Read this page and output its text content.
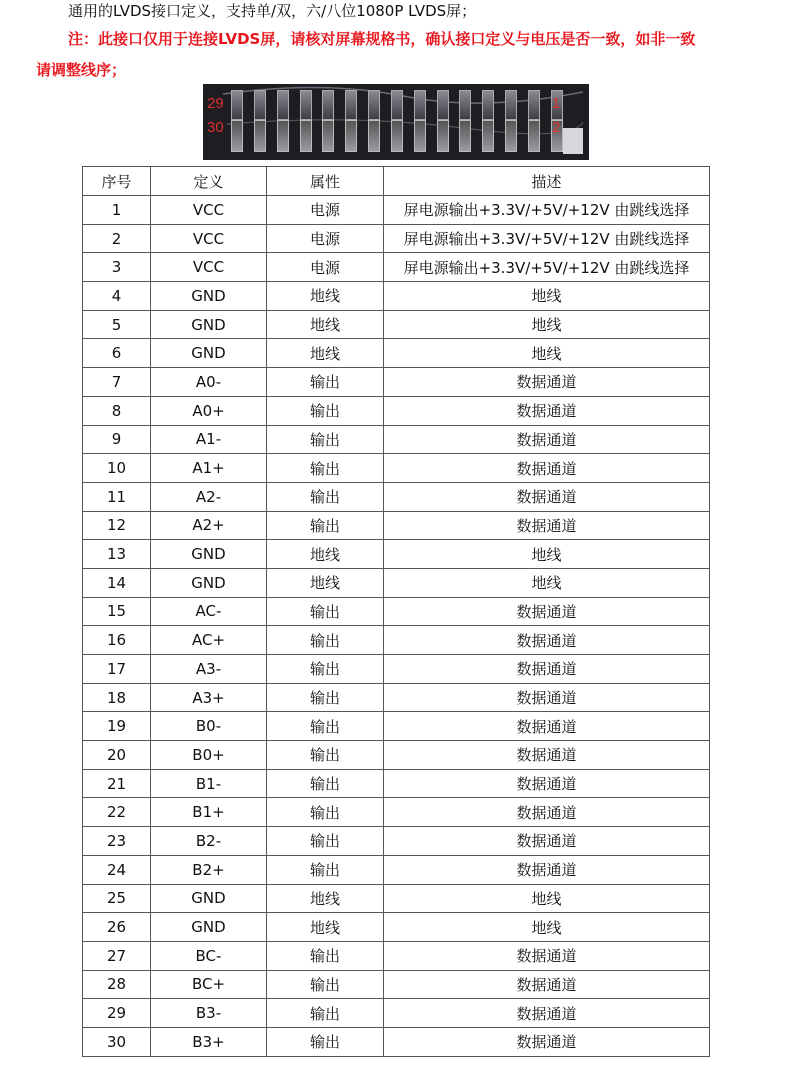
通用的LVDS接口定义，支持单/双，六/八位1080P LVDS屏；
注：此接口仅用于连接LVDS屏，请核对屏幕规格书，确认接口定义与电压是否一致，如非一致
请调整线序；
29
30
1
2
序号	定义	属性	描述
1	VCC	电源	屏电源输出+3.3V/+5V/+12V 由跳线选择
2	VCC	电源	屏电源输出+3.3V/+5V/+12V 由跳线选择
3	VCC	电源	屏电源输出+3.3V/+5V/+12V 由跳线选择
4	GND	地线	地线
5	GND	地线	地线
6	GND	地线	地线
7	A0-	输出	数据通道
8	A0+	输出	数据通道
9	A1-	输出	数据通道
10	A1+	输出	数据通道
11	A2-	输出	数据通道
12	A2+	输出	数据通道
13	GND	地线	地线
14	GND	地线	地线
15	AC-	输出	数据通道
16	AC+	输出	数据通道
17	A3-	输出	数据通道
18	A3+	输出	数据通道
19	B0-	输出	数据通道
20	B0+	输出	数据通道
21	B1-	输出	数据通道
22	B1+	输出	数据通道
23	B2-	输出	数据通道
24	B2+	输出	数据通道
25	GND	地线	地线
26	GND	地线	地线
27	BC-	输出	数据通道
28	BC+	输出	数据通道
29	B3-	输出	数据通道
30	B3+	输出	数据通道
